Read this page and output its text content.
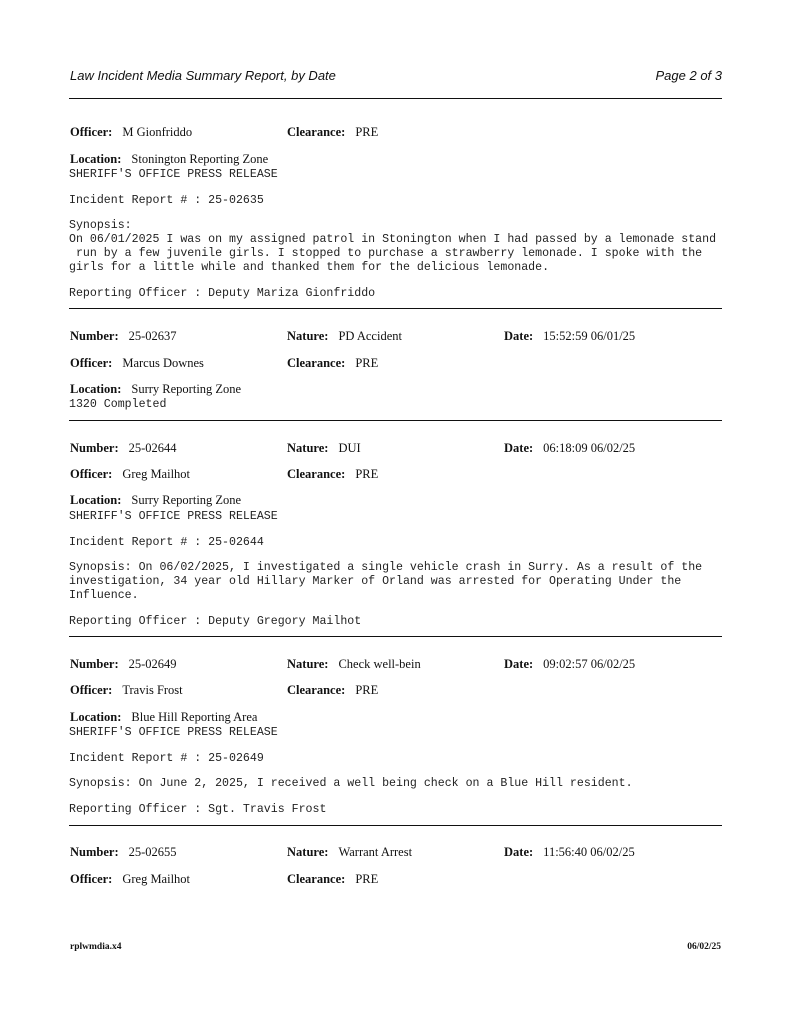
Law Incident Media Summary Report, by Date	Page 2 of 3
Officer: M Gionfriddo	Clearance: PRE
Location: Stonington Reporting Zone
SHERIFF'S OFFICE PRESS RELEASE
Incident Report # : 25-02635
Synopsis:
On 06/01/2025 I was on my assigned patrol in Stonington when I had passed by a lemonade stand
run by a few juvenile girls. I stopped to purchase a strawberry lemonade. I spoke with the
girls for a little while and thanked them for the delicious lemonade.
Reporting Officer : Deputy Mariza Gionfriddo
Number: 25-02637	Nature: PD Accident	Date: 15:52:59 06/01/25
Officer: Marcus Downes	Clearance: PRE
Location: Surry Reporting Zone
1320 Completed
Number: 25-02644	Nature: DUI	Date: 06:18:09 06/02/25
Officer: Greg Mailhot	Clearance: PRE
Location: Surry Reporting Zone
SHERIFF'S OFFICE PRESS RELEASE
Incident Report # : 25-02644
Synopsis: On 06/02/2025, I investigated a single vehicle crash in Surry. As a result of the
investigation, 34 year old Hillary Marker of Orland was arrested for Operating Under the
Influence.
Reporting Officer : Deputy Gregory Mailhot
Number: 25-02649	Nature: Check well-bein	Date: 09:02:57 06/02/25
Officer: Travis Frost	Clearance: PRE
Location: Blue Hill Reporting Area
SHERIFF'S OFFICE PRESS RELEASE
Incident Report # : 25-02649
Synopsis: On June 2, 2025, I received a well being check on a Blue Hill resident.
Reporting Officer : Sgt. Travis Frost
Number: 25-02655	Nature: Warrant Arrest	Date: 11:56:40 06/02/25
Officer: Greg Mailhot	Clearance: PRE
rplwmdia.x4	06/02/25
